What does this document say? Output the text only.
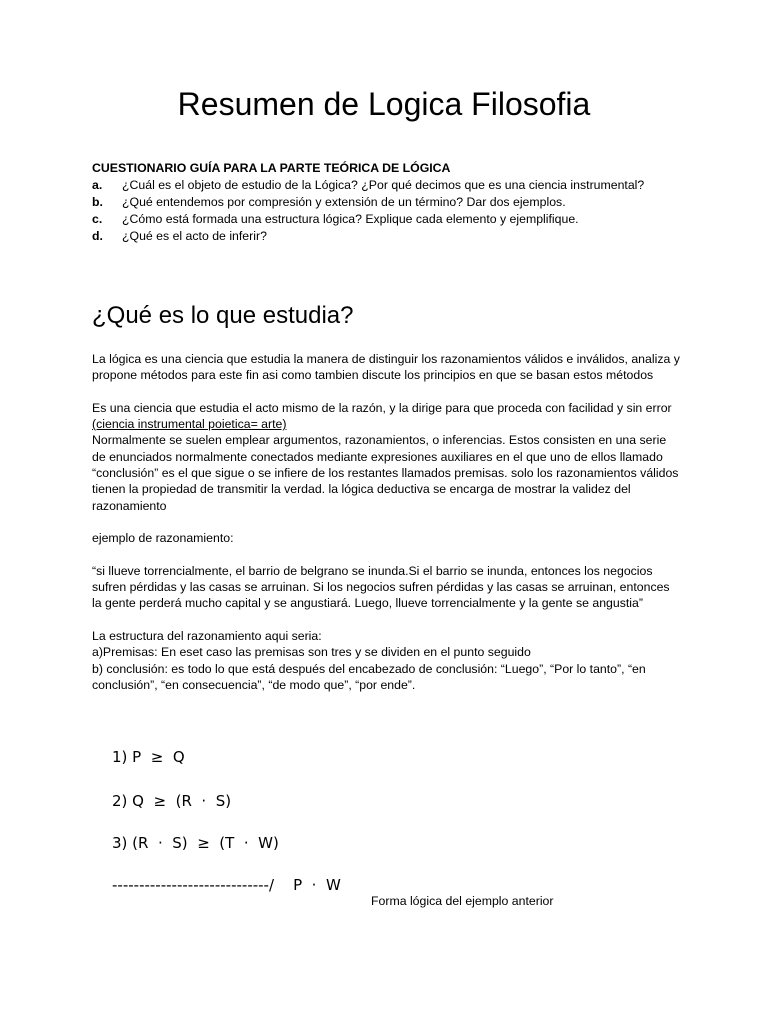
Resumen de Logica Filosofia

CUESTIONARIO GUÍA PARA LA PARTE TEÓRICA DE LÓGICA

a.	¿Cuál es el objeto de estudio de la Lógica? ¿Por qué decimos que es una ciencia instrumental?
b.	¿Qué entendemos por compresión y extensión de un término? Dar dos ejemplos.
c.	¿Cómo está formada una estructura lógica? Explique cada elemento y ejemplifique.
d.	¿Qué es el acto de inferir?
¿Qué es lo que estudia?

La lógica es una ciencia que estudia la manera de distinguir los razonamientos válidos e inválidos, analiza y propone métodos para este fin asi como tambien discute los principios en que se basan estos métodos

Es una ciencia que estudia el acto mismo de la razón, y la dirige para que proceda con facilidad y sin error (ciencia instrumental poietica= arte)

Normalmente se suelen emplear argumentos, razonamientos, o inferencias. Estos consisten en una serie de enunciados normalmente conectados mediante expresiones auxiliares en el que uno de ellos llamado “conclusión” es el que sigue o se infiere de los restantes llamados premisas. solo los razonamientos válidos tienen la propiedad de transmitir la verdad. la lógica deductiva se encarga de mostrar la validez del razonamiento

ejemplo de razonamiento:

“si llueve torrencialmente, el barrio de belgrano se inunda.Si el barrio se inunda, entonces los negocios sufren pérdidas y las casas se arruinan. Si los negocios sufren pérdidas y las casas se arruinan, entonces la gente perderá mucho capital y se angustiará. Luego, llueve torrencialmente y la gente se angustia”

La estructura del razonamiento aqui seria:

a)Premisas: En eset caso las premisas son tres y se dividen en el punto seguido

b) conclusión: es todo lo que está después del encabezado de conclusión: “Luego”, “Por lo tanto”, “en conclusión”, “en consecuencia”, “de modo que”, “por ende”.

1) P  ≥  Q
2) Q  ≥  (R  ·  S)
3) (R  ·  S)  ≥  (T  ·  W)
-----------------------------/    P  ·  W
Forma lógica del ejemplo anterior
